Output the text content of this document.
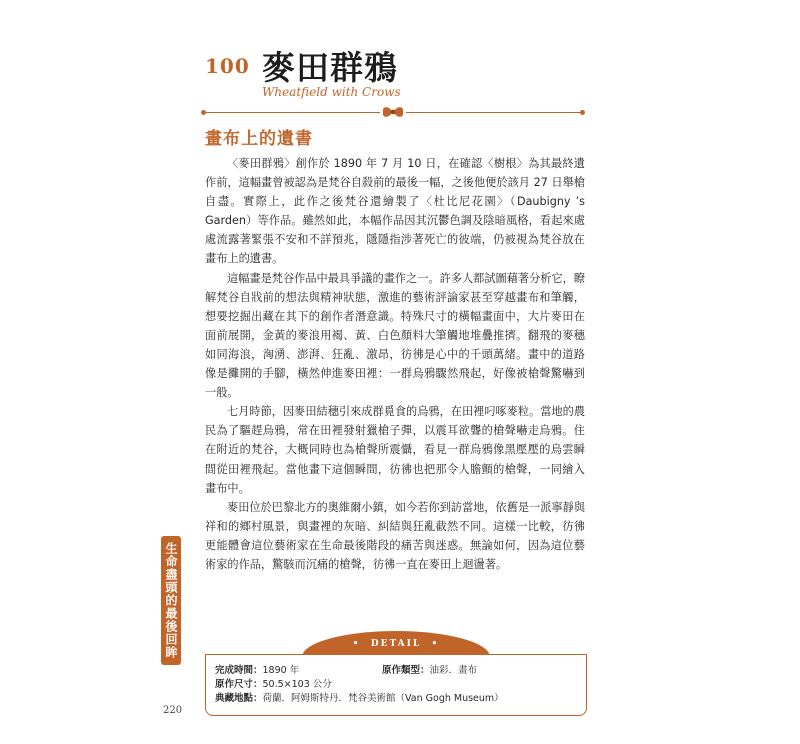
100 麥田群鴉
Wheatfield with Crows
畫布上的遺書

〈麥田群鴉〉創作於 1890 年 7 月 10 日，在確認〈樹根〉為其最終遺作前，這幅畫曾被認為是梵谷自殺前的最後一幅，之後他便於該月 27 日舉槍自盡。實際上，此作之後梵谷還繪製了〈杜比尼花園〉（Daubigny ’s Garden）等作品。雖然如此，本幅作品因其沉鬱色調及陰暗風格，看起來處處流露著緊張不安和不詳預兆，隱隱指涉著死亡的彼端，仍被視為梵谷放在畫布上的遺書。

這幅畫是梵谷作品中最具爭議的畫作之一。許多人都試圖藉著分析它，瞭解梵谷自戕前的想法與精神狀態，激進的藝術評論家甚至穿越畫布和筆觸，想要挖掘出藏在其下的創作者潛意識。特殊尺寸的橫幅畫面中，大片麥田在面前展開，金黃的麥浪用褐、黃、白色顏料大筆觸地堆疊推擠。翻飛的麥穗如同海浪，洶湧、澎湃、狂亂、激昂，彷彿是心中的千頭萬緒。畫中的道路像是攤開的手腳，橫然伸進麥田裡：一群烏鴉驟然飛起，好像被槍聲驚嚇到一般。

七月時節，因麥田結穗引來成群覓食的烏鴉，在田裡叼啄麥粒。當地的農民為了驅趕烏鴉，常在田裡發射獵槍子彈，以震耳欲聾的槍聲嚇走烏鴉。住在附近的梵谷，大概同時也為槍聲所震懾，看見一群烏鴉像黑壓壓的烏雲瞬間從田裡飛起。當他畫下這個瞬間，彷彿也把那令人膽顫的槍聲，一同繪入畫布中。

麥田位於巴黎北方的奧維爾小鎮，如今若你到訪當地，依舊是一派寧靜與祥和的鄉村風景，與畫裡的灰暗、糾結與狂亂截然不同。這樣一比較，彷彿更能體會這位藝術家在生命最後階段的痛苦與迷惑。無論如何，因為這位藝術家的作品，驚駭而沉痛的槍聲，彷彿一直在麥田上迴盪著。

生命盡頭的最後回眸
220
•  DETAIL  •
完成時間：1890 年	原作類型：油彩．畫布
原作尺寸：50.5×103 公分
典藏地點：荷蘭．阿姆斯特丹．梵谷美術館（Van Gogh Museum）
